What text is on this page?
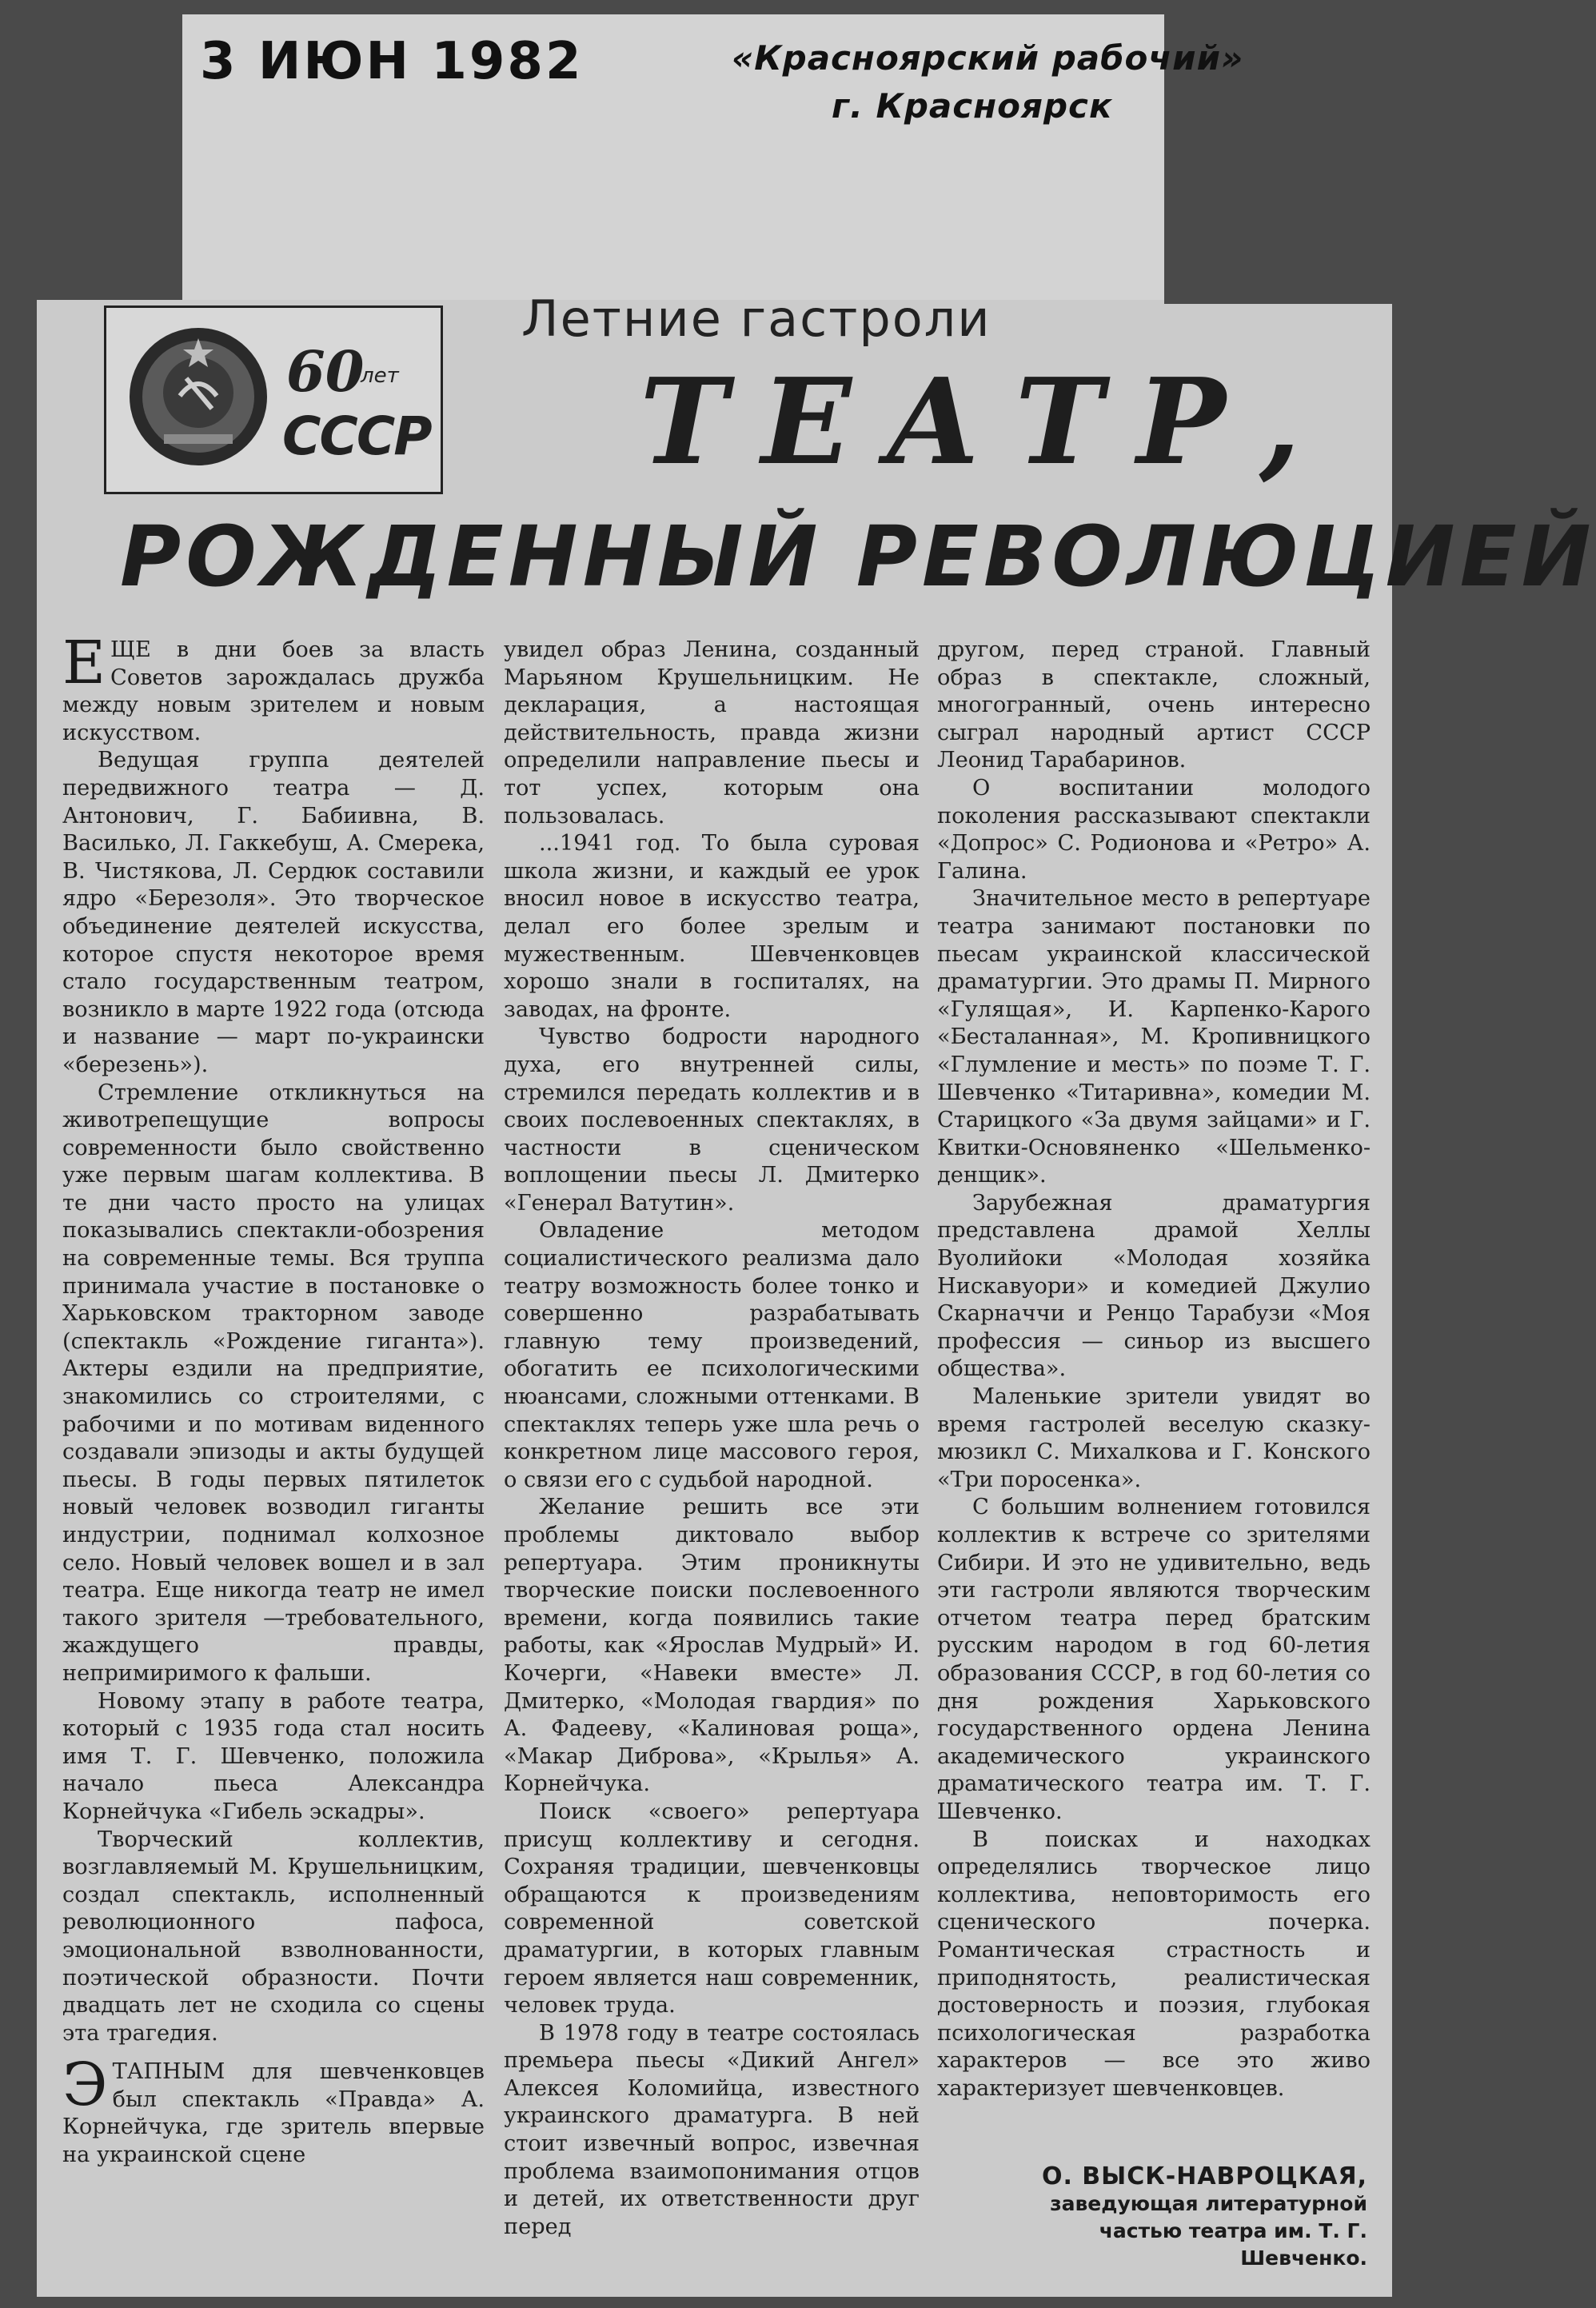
3 ИЮН 1982	«Красноярский рабочий»
г. Красноярск
60
лет
СССР
Летние гастроли
ТЕАТР,
РОЖДЕННЫЙ РЕВОЛЮЦИЕЙ

ЕЩЕ в дни боев за власть Советов зарождалась дружба между новым зрителем и новым искусством.

Ведущая группа деятелей передвижного театра — Д. Антонович, Г. Бабиивна, В. Василько, Л. Гаккебуш, А. Смерека, В. Чистякова, Л. Сердюк составили ядро «Березоля». Это творческое объединение деятелей искусства, которое спустя некоторое время стало государственным театром, возникло в марте 1922 года (отсюда и название — март по-украински «березень»).

Стремление откликнуться на животрепещущие вопросы современности было свойственно уже первым шагам коллектива. В те дни часто просто на улицах показывались спектакли-обозрения на современные темы. Вся труппа принимала участие в постановке о Харьковском тракторном заводе (спектакль «Рождение гиганта»). Актеры ездили на предприятие, знакомились со строителями, с рабочими и по мотивам виденного создавали эпизоды и акты будущей пьесы. В годы первых пятилеток новый человек возводил гиганты индустрии, поднимал колхозное село. Новый человек вошел и в зал театра. Еще никогда театр не имел такого зрителя —требовательного, жаждущего правды, непримиримого к фальши.

Новому этапу в работе театра, который с 1935 года стал носить имя Т. Г. Шевченко, положила начало пьеса Александра Корнейчука «Гибель эскадры».

Творческий коллектив, возглавляемый М. Крушельницким, создал спектакль, исполненный революционного пафоса, эмоциональной взволнованности, поэтической образности. Почти двадцать лет не сходила со сцены эта трагедия.

ЭТАПНЫМ для шевченковцев был спектакль «Правда» А. Корнейчука, где зритель впервые на украинской сцене

увидел образ Ленина, созданный Марьяном Крушельницким. Не декларация, а настоящая действительность, правда жизни определили направление пьесы и тот успех, которым она пользовалась.

...1941 год. То была суровая школа жизни, и каждый ее урок вносил новое в искусство театра, делал его более зрелым и мужественным. Шевченковцев хорошо знали в госпиталях, на заводах, на фронте.

Чувство бодрости народного духа, его внутренней силы, стремился передать коллектив и в своих послевоенных спектаклях, в частности в сценическом воплощении пьесы Л. Дмитерко «Генерал Ватутин».

Овладение методом социалистического реализма дало театру возможность более тонко и совершенно разрабатывать главную тему произведений, обогатить ее психологическими нюансами, сложными оттенками. В спектаклях теперь уже шла речь о конкретном лице массового героя, о связи его с судьбой народной.

Желание решить все эти проблемы диктовало выбор репертуара. Этим проникнуты творческие поиски послевоенного времени, когда появились такие работы, как «Ярослав Мудрый» И. Кочерги, «Навеки вместе» Л. Дмитерко, «Молодая гвардия» по А. Фадееву, «Калиновая роща», «Макар Диброва», «Крылья» А. Корнейчука.

Поиск «своего» репертуара присущ коллективу и сегодня. Сохраняя традиции, шевченковцы обращаются к произведениям современной советской драматургии, в которых главным героем является наш современник, человек труда.

В 1978 году в театре состоялась премьера пьесы «Дикий Ангел» Алексея Коломийца, известного украинского драматурга. В ней стоит извечный вопрос, извечная проблема взаимопонимания отцов и детей, их ответственности друг перед

другом, перед страной. Главный образ в спектакле, сложный, многогранный, очень интересно сыграл народный артист СССР Леонид Тарабаринов.

О воспитании молодого поколения рассказывают спектакли «Допрос» С. Родионова и «Ретро» А. Галина.

Значительное место в репертуаре театра занимают постановки по пьесам украинской классической драматургии. Это драмы П. Мирного «Гулящая», И. Карпенко-Карого «Бесталанная», М. Кропивницкого «Глумление и месть» по поэме Т. Г. Шевченко «Титаривна», комедии М. Старицкого «За двумя зайцами» и Г. Квитки-Основяненко «Шельменко-денщик».

Зарубежная драматургия представлена драмой Хеллы Вуолийоки «Молодая хозяйка Нискавуори» и комедией Джулио Скарначчи и Ренцо Тарабузи «Моя профессия — синьор из высшего общества».

Маленькие зрители увидят во время гастролей веселую сказку-мюзикл С. Михалкова и Г. Конского «Три поросенка».

С большим волнением готовился коллектив к встрече со зрителями Сибири. И это не удивительно, ведь эти гастроли являются творческим отчетом театра перед братским русским народом в год 60-летия образования СССР, в год 60-летия со дня рождения Харьковского государственного ордена Ленина академического украинского драматического театра им. Т. Г. Шевченко.

В поисках и находках определялись творческое лицо коллектива, неповторимость его сценического почерка. Романтическая страстность и приподнятость, реалистическая достоверность и поэзия, глубокая психологическая разработка характеров — все это живо характеризует шевченковцев.

О. ВЫСК-НАВРОЦКАЯ,
заведующая литературной частью театра им. Т. Г. Шевченко.
